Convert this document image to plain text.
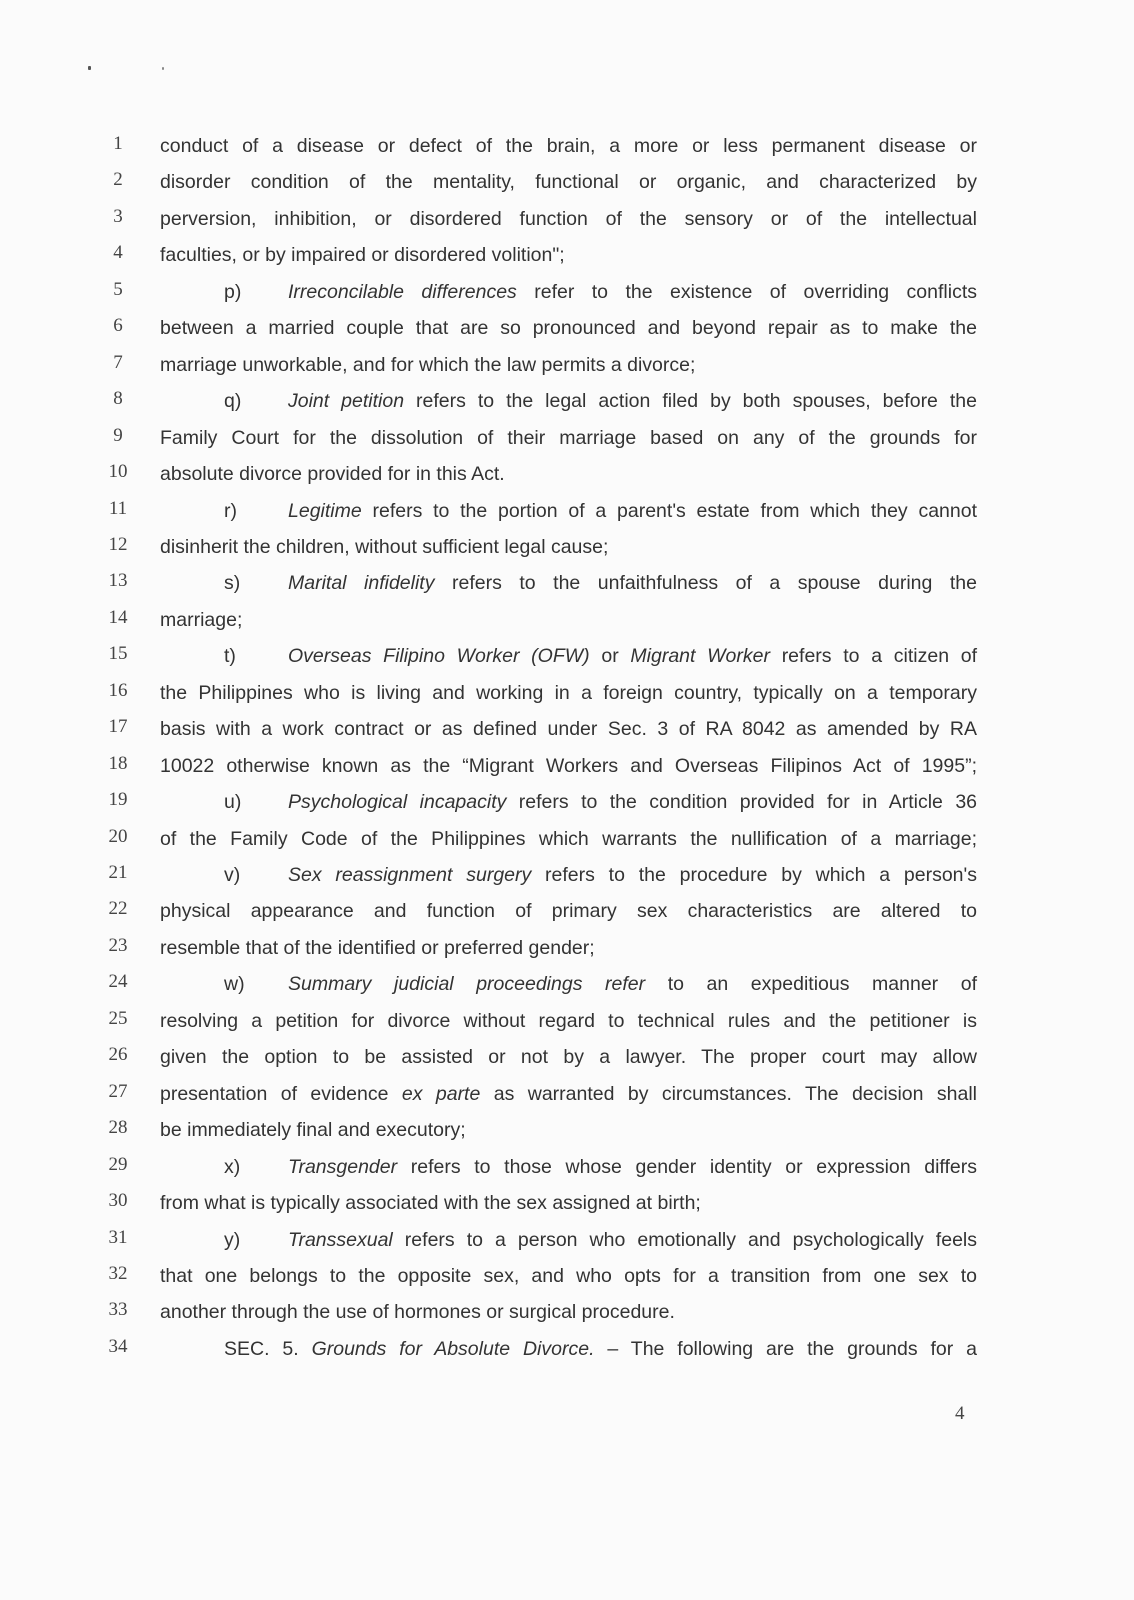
1	conduct of a disease or defect of the brain, a more or less permanent disease or
2	disorder condition of the mentality, functional or organic, and characterized by
3	perversion, inhibition, or disordered function of the sensory or of the intellectual
4	faculties, or by impaired or disordered volition";
5	p) Irreconcilable differences refer to the existence of overriding conflicts
6	between a married couple that are so pronounced and beyond repair as to make the
7	marriage unworkable, and for which the law permits a divorce;
8	q) Joint petition refers to the legal action filed by both spouses, before the
9	Family Court for the dissolution of their marriage based on any of the grounds for
10	absolute divorce provided for in this Act.
11	r)	Legitime refers to the portion of a parent's estate from which they cannot
12	disinherit the children, without sufficient legal cause;
13	s) Marital infidelity refers to the unfaithfulness of a spouse during the
14	marriage;
15	t)	Overseas Filipino Worker (OFW) or Migrant Worker refers to a citizen of
16	the Philippines who is living and working in a foreign country, typically on a temporary
17	basis with a work contract or as defined under Sec. 3 of RA 8042 as amended by RA
18	10022 otherwise known as the “Migrant Workers and Overseas Filipinos Act of 1995”;
19	u) Psychological incapacity refers to the condition provided for in Article 36
20	of the Family Code of the Philippines which warrants the nullification of a marriage;
21	v) Sex reassignment surgery refers to the procedure by which a person's
22	physical appearance and function of primary sex characteristics are altered to
23	resemble that of the identified or preferred gender;
24	w) Summary judicial proceedings refer to an expeditious manner of
25	resolving a petition for divorce without regard to technical rules and the petitioner is
26	given the option to be assisted or not by a lawyer. The proper court may allow
27	presentation of evidence ex parte as warranted by circumstances. The decision shall
28	be immediately final and executory;
29	x) Transgender refers to those whose gender identity or expression differs
30	from what is typically associated with the sex assigned at birth;
31	y) Transsexual refers to a person who emotionally and psychologically feels
32	that one belongs to the opposite sex, and who opts for a transition from one sex to
33	another through the use of hormones or surgical procedure.
34	SEC. 5. Grounds for Absolute Divorce. – The following are the grounds for a
4
